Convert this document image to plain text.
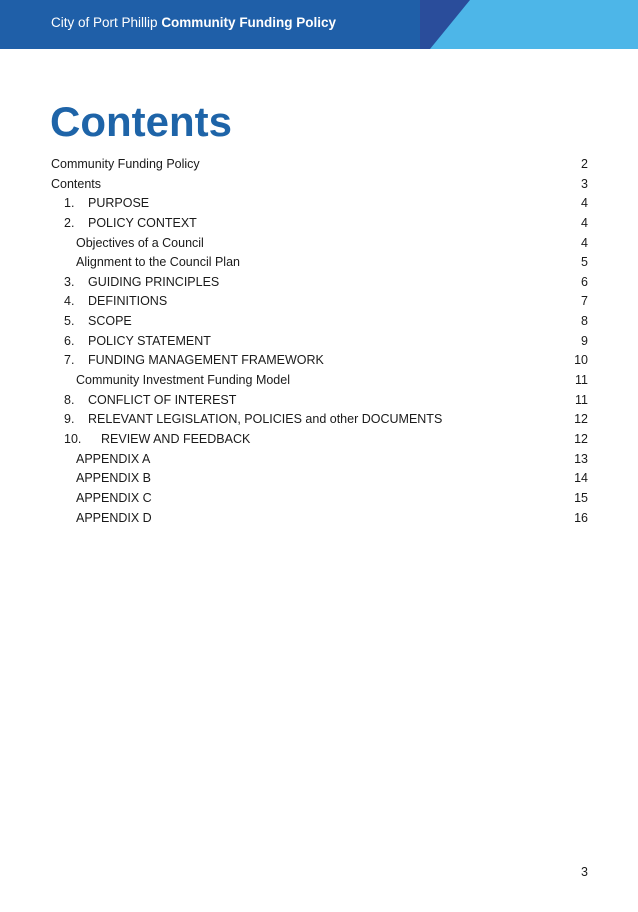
City of Port Phillip Community Funding Policy
Contents
Community Funding Policy	2
Contents	3
1. PURPOSE	4
2. POLICY CONTEXT	4
Objectives of a Council	4
Alignment to the Council Plan	5
3. GUIDING PRINCIPLES	6
4. DEFINITIONS	7
5. SCOPE	8
6. POLICY STATEMENT	9
7. FUNDING MANAGEMENT FRAMEWORK	10
Community Investment Funding Model	11
8. CONFLICT OF INTEREST	11
9. RELEVANT LEGISLATION, POLICIES and other DOCUMENTS	12
10. REVIEW AND FEEDBACK	12
APPENDIX A	13
APPENDIX B	14
APPENDIX C	15
APPENDIX D	16
3
